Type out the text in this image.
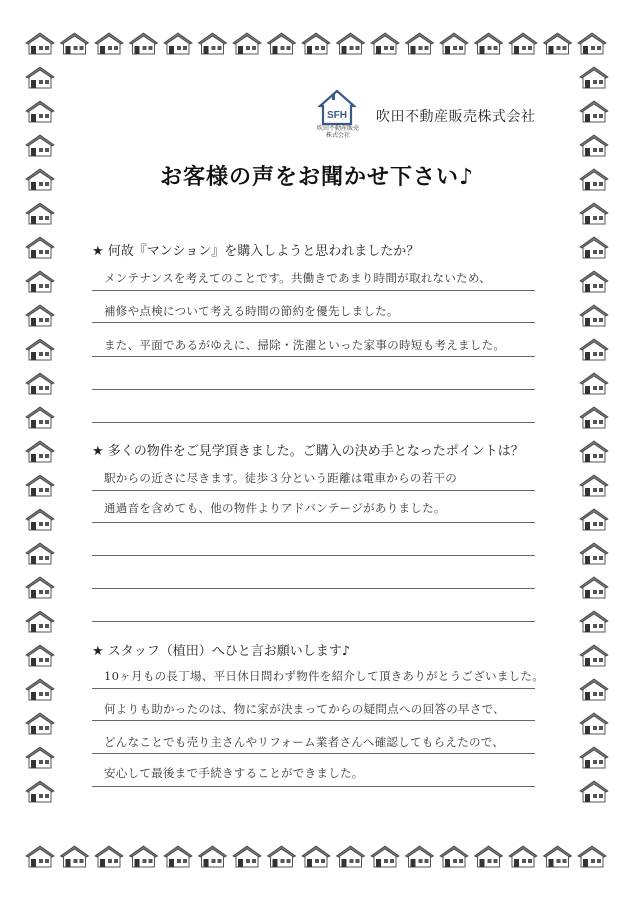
SFH
吹田不動産販売
株式会社
吹田不動産販売株式会社
お客様の声をお聞かせ下さい♪
★ 何故『マンション』を購入しようと思われましたか？
メンテナンスを考えてのことです。共働きであまり時間が取れないため、
補修や点検について考える時間の節約を優先しました。
また、平面であるがゆえに、掃除・洗濯といった家事の時短も考えました。
★ 多くの物件をご見学頂きました。ご購入の決め手となったポイントは？
駅からの近さに尽きます。徒歩３分という距離は電車からの若干の
通過音を含めても、他の物件よりアドバンテージがありました。
★ スタッフ（植田）へひと言お願いします♪
10ヶ月もの長丁場、平日休日問わず物件を紹介して頂きありがとうございました。
何よりも助かったのは、物に家が決まってからの疑問点への回答の早さで、
どんなことでも売り主さんやリフォーム業者さんへ確認してもらえたので、
安心して最後まで手続きすることができました。
